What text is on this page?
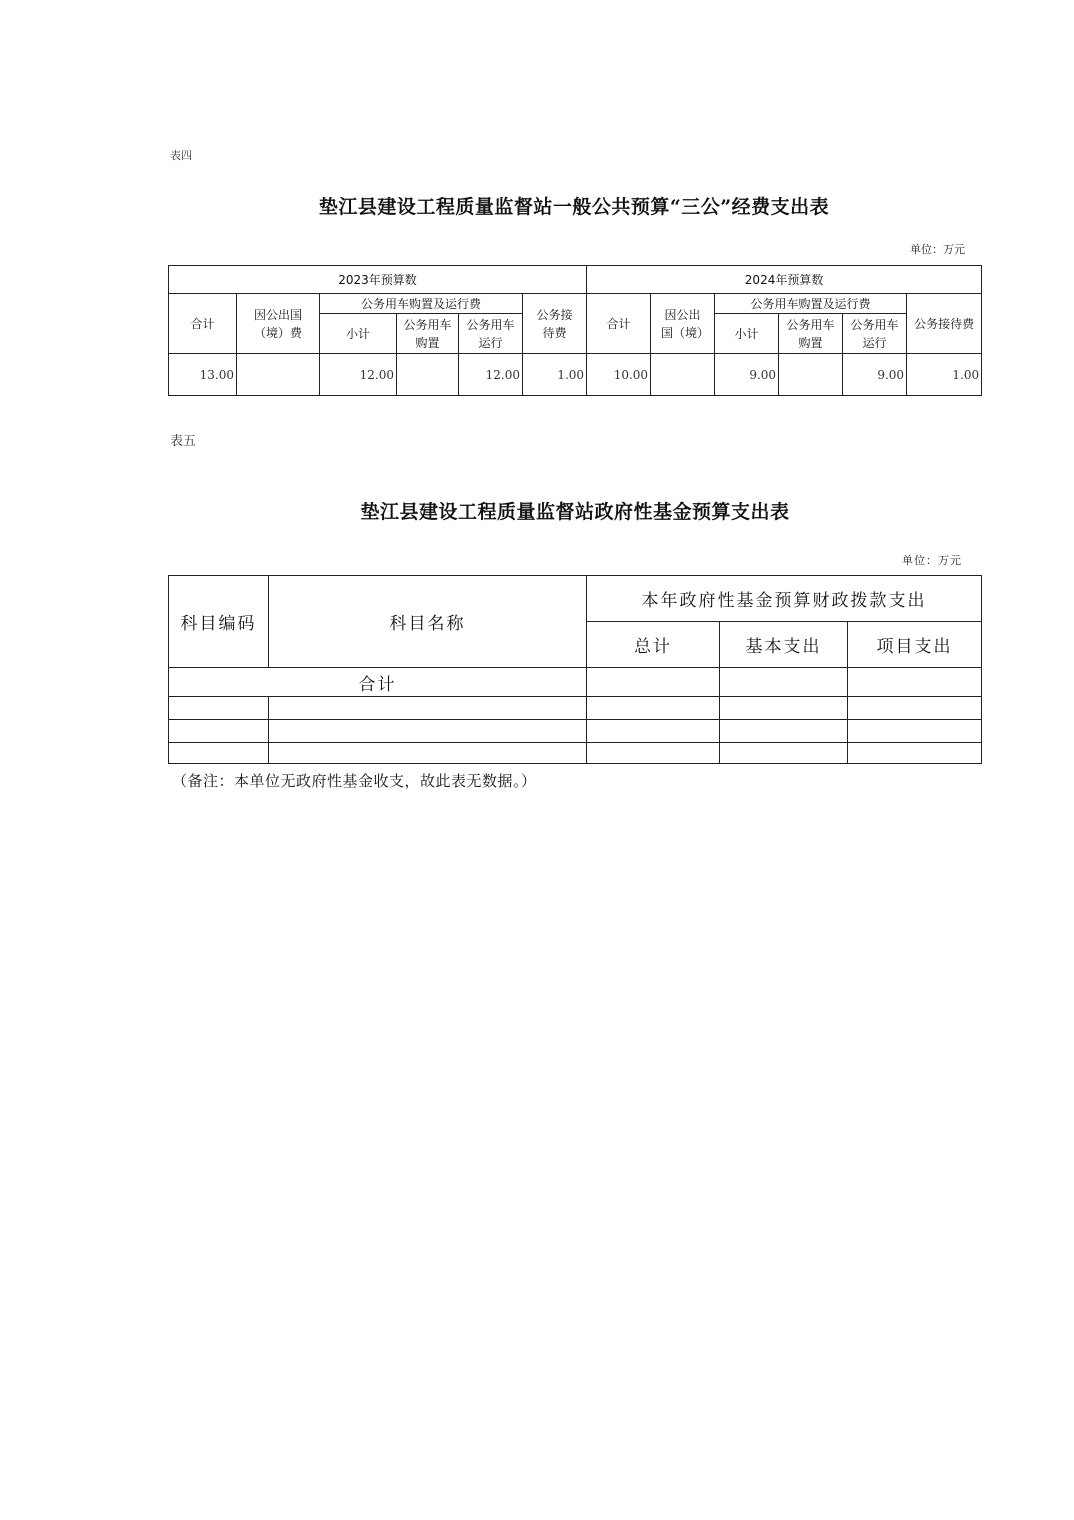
表四
垫江县建设工程质量监督站一般公共预算“三公”经费支出表
单位：万元
2023年预算数						2024年预算数					
合计	因公出国（境）费	公务用车购置及运行费			公务接待费	合计	因公出国（境）	公务用车购置及运行费			公务接待费
		小计	公务用车购置	公务用车运行				小计	公务用车购置	公务用车运行	
13.00		12.00		12.00	1.00	10.00		9.00		9.00	1.00
表五
垫江县建设工程质量监督站政府性基金预算支出表
单位：万元
科目编码	科目名称	本年政府性基金预算财政拨款支出		
		总计	基本支出	项目支出
合计				

（备注：本单位无政府性基金收支，故此表无数据。）
